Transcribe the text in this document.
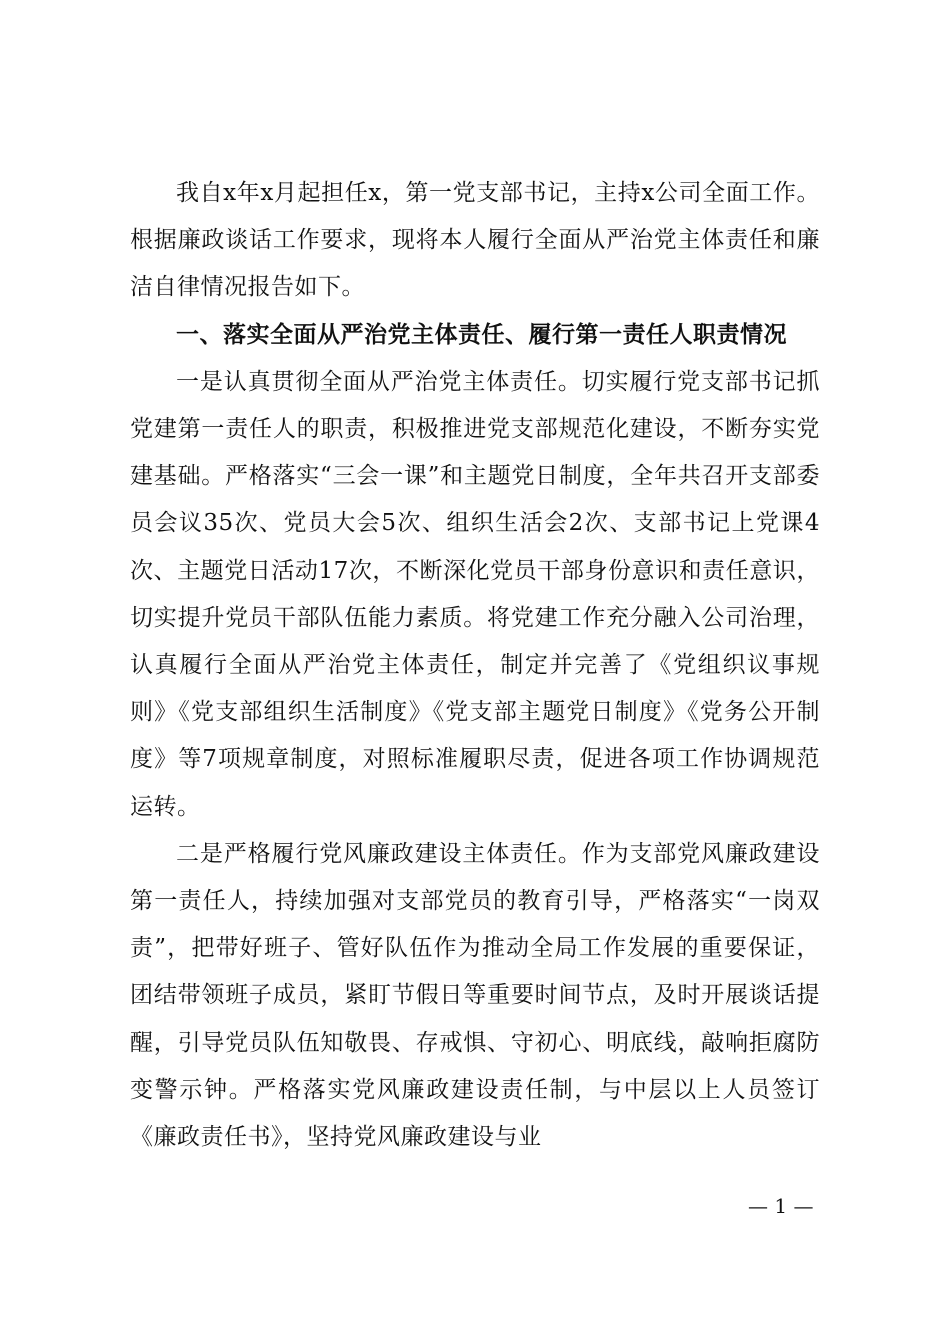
我自x年x月起担任x，第一党支部书记，主持x公司全面工作。根据廉政谈话工作要求，现将本人履行全面从严治党主体责任和廉洁自律情况报告如下。

一、落实全面从严治党主体责任、履行第一责任人职责情况

一是认真贯彻全面从严治党主体责任。切实履行党支部书记抓党建第一责任人的职责，积极推进党支部规范化建设，不断夯实党建基础。严格落实“三会一课”和主题党日制度，全年共召开支部委员会议35次、党员大会5次、组织生活会2次、支部书记上党课4次、主题党日活动17次，不断深化党员干部身份意识和责任意识，切实提升党员干部队伍能力素质。将党建工作充分融入公司治理，认真履行全面从严治党主体责任，制定并完善了《党组织议事规则》《党支部组织生活制度》《党支部主题党日制度》《党务公开制度》等7项规章制度，对照标准履职尽责，促进各项工作协调规范运转。

二是严格履行党风廉政建设主体责任。作为支部党风廉政建设第一责任人，持续加强对支部党员的教育引导，严格落实“一岗双责”，把带好班子、管好队伍作为推动全局工作发展的重要保证，团结带领班子成员，紧盯节假日等重要时间节点，及时开展谈话提醒，引导党员队伍知敬畏、存戒惧、守初心、明底线，敲响拒腐防变警示钟。严格落实党风廉政建设责任制，与中层以上人员签订《廉政责任书》，坚持党风廉政建设与业

— 1 —
